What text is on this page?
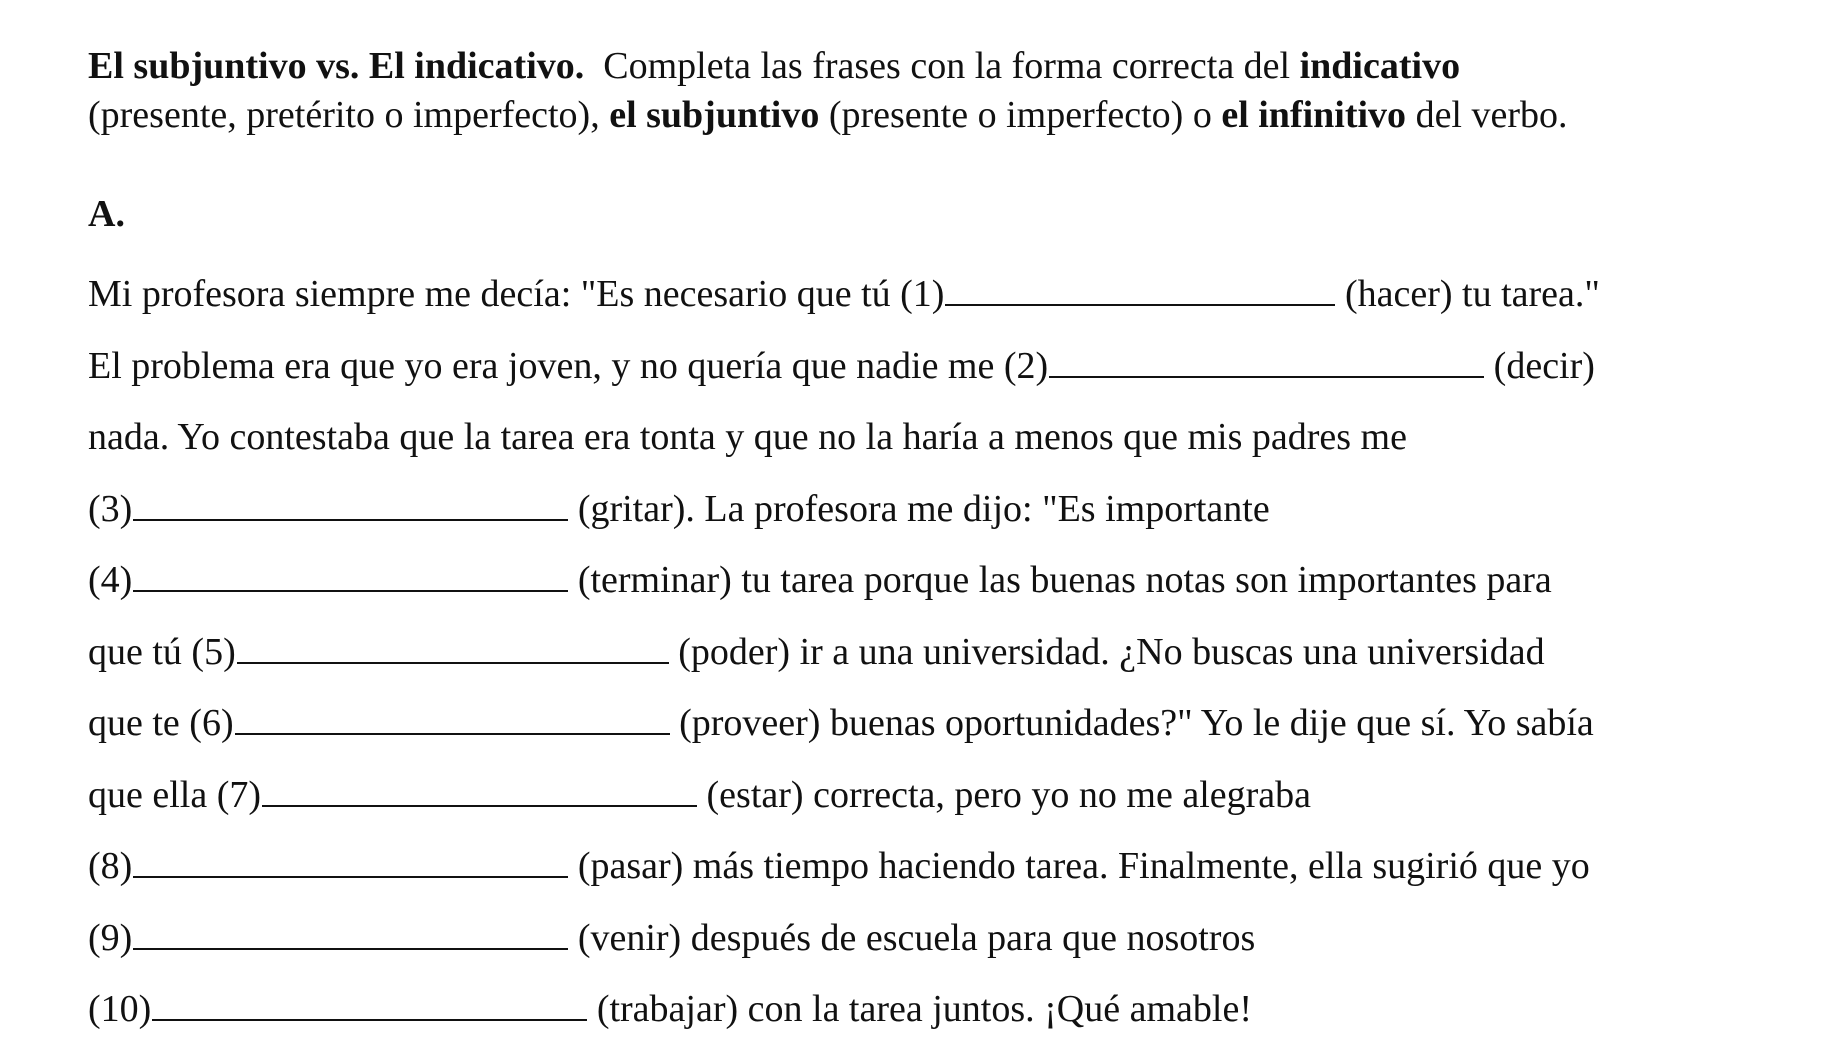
El subjuntivo vs. El indicativo. Completa las frases con la forma correcta del indicativo
(presente, pretérito o imperfecto), el subjuntivo (presente o imperfecto) o el infinitivo del verbo.

A.

Mi profesora siempre me decía: "Es necesario que tú (1)	(hacer) tu tarea."
El problema era que yo era joven, y no quería que nadie me (2)	(decir)
nada. Yo contestaba que la tarea era tonta y que no la haría a menos que mis padres me
(3)	(gritar). La profesora me dijo: "Es importante
(4)	(terminar) tu tarea porque las buenas notas son importantes para
que tú (5)	(poder) ir a una universidad. ¿No buscas una universidad
que te (6)	(proveer) buenas oportunidades?" Yo le dije que sí. Yo sabía
que ella (7)	(estar) correcta, pero yo no me alegraba
(8)	(pasar) más tiempo haciendo tarea. Finalmente, ella sugirió que yo
(9)	(venir) después de escuela para que nosotros
(10)	(trabajar) con la tarea juntos. ¡Qué amable!
